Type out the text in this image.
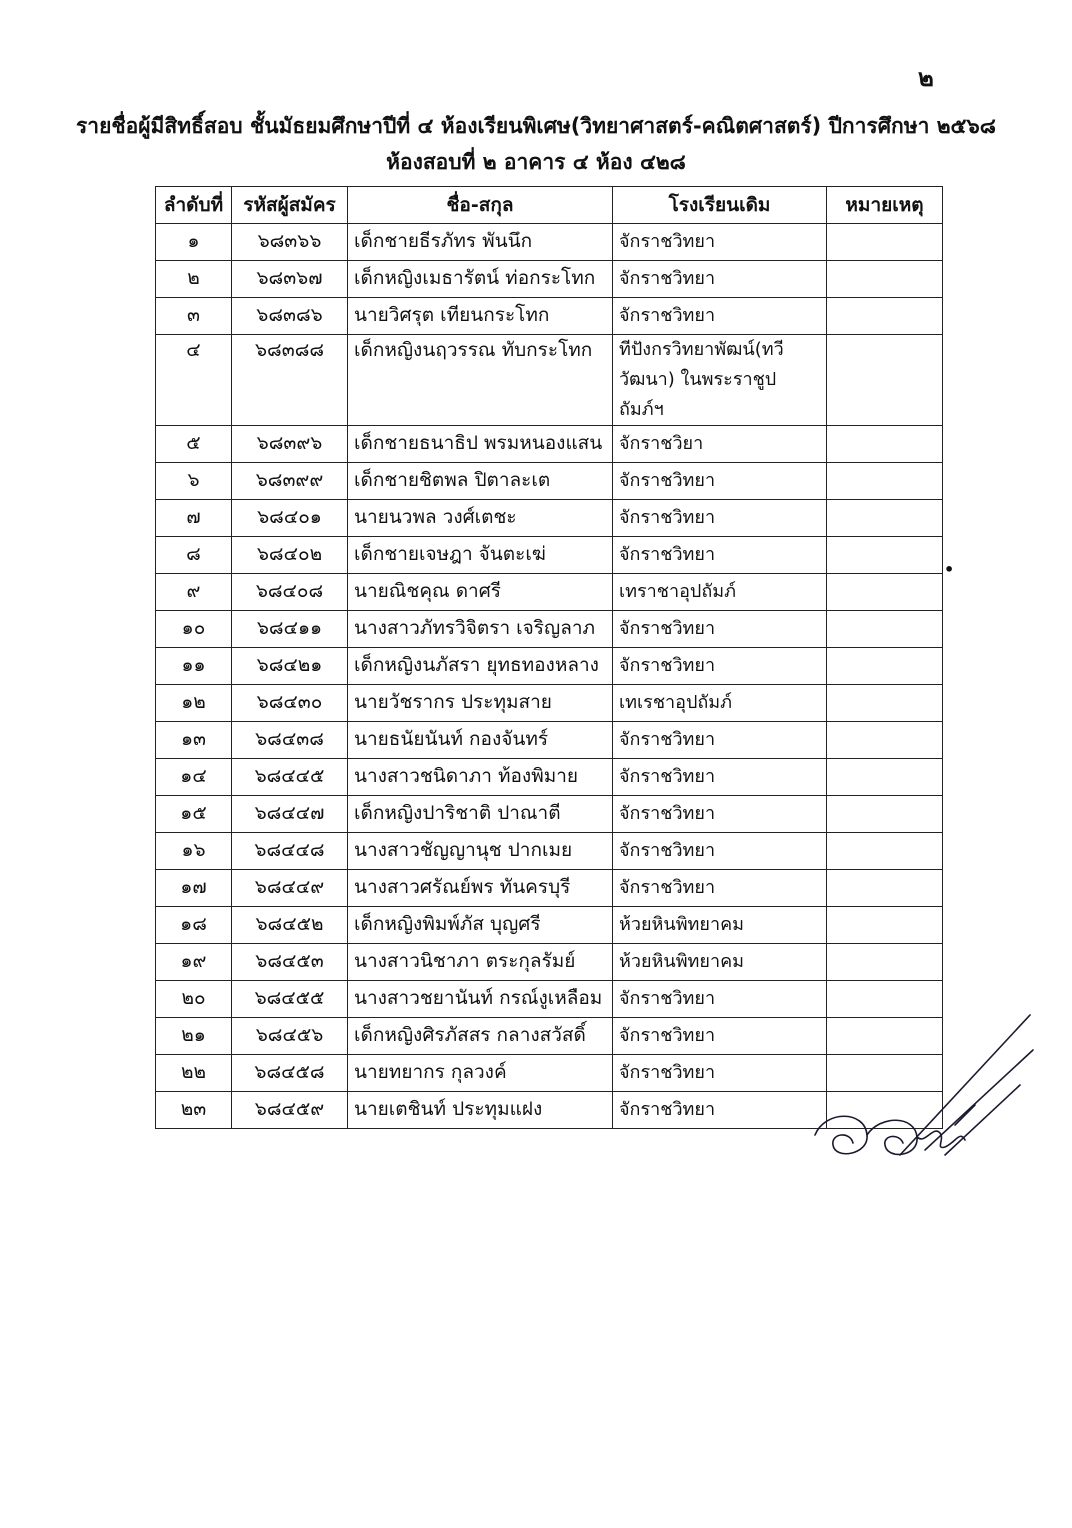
๒
รายชื่อผู้มีสิทธิ์สอบ ชั้นมัธยมศึกษาปีที่ ๔ ห้องเรียนพิเศษ(วิทยาศาสตร์-คณิตศาสตร์) ปีการศึกษา ๒๕๖๘
ห้องสอบที่ ๒ อาคาร ๔ ห้อง ๔๒๘
ลำดับที่	รหัสผู้สมัคร	ชื่อ-สกุล	โรงเรียนเดิม	หมายเหตุ
๑	๖๘๓๖๖	เด็กชายธีรภัทร พันนึก	จักราชวิทยา	
๒	๖๘๓๖๗	เด็กหญิงเมธารัตน์ ท่อกระโทก	จักราชวิทยา	
๓	๖๘๓๘๖	นายวิศรุต เทียนกระโทก	จักราชวิทยา	
๔	๖๘๓๘๘	เด็กหญิงนฤวรรณ ทับกระโทก	ทีปังกรวิทยาพัฒน์(ทวีวัฒนา) ในพระราชูปถัมภ์ฯ	
๕	๖๘๓๙๖	เด็กชายธนาธิป พรมหนองแสน	จักราชวิยา	
๖	๖๘๓๙๙	เด็กชายชิตพล ปิตาละเต	จักราชวิทยา	
๗	๖๘๔๐๑	นายนวพล วงศ์เตชะ	จักราชวิทยา	
๘	๖๘๔๐๒	เด็กชายเจษฎา จันตะเฆ่	จักราชวิทยา	
๙	๖๘๔๐๘	นายณิชคุณ ดาศรี	เทราชาอุปถัมภ์	
๑๐	๖๘๔๑๑	นางสาวภัทรวิจิตรา เจริญลาภ	จักราชวิทยา	
๑๑	๖๘๔๒๑	เด็กหญิงนภัสรา ยุทธทองหลาง	จักราชวิทยา	
๑๒	๖๘๔๓๐	นายวัชรากร ประทุมสาย	เทเรชาอุปถัมภ์	
๑๓	๖๘๔๓๘	นายธนัยนันท์ กองจันทร์	จักราชวิทยา	
๑๔	๖๘๔๔๕	นางสาวชนิดาภา ท้องพิมาย	จักราชวิทยา	
๑๕	๖๘๔๔๗	เด็กหญิงปาริชาติ ปาณาตี	จักราชวิทยา	
๑๖	๖๘๔๔๘	นางสาวชัญญานุช ปากเมย	จักราชวิทยา	
๑๗	๖๘๔๔๙	นางสาวศรัณย์พร ทันครบุรี	จักราชวิทยา	
๑๘	๖๘๔๕๒	เด็กหญิงพิมพ์ภัส บุญศรี	ห้วยหินพิทยาคม	
๑๙	๖๘๔๕๓	นางสาวนิชาภา ตระกุลรัมย์	ห้วยหินพิทยาคม	
๒๐	๖๘๔๕๕	นางสาวชยานันท์ กรณ์งูเหลือม	จักราชวิทยา	
๒๑	๖๘๔๕๖	เด็กหญิงศิรภัสสร กลางสวัสดิ์	จักราชวิทยา	
๒๒	๖๘๔๕๘	นายทยากร กุลวงค์	จักราชวิทยา	
๒๓	๖๘๔๕๙	นายเตชินท์ ประทุมแฝง	จักราชวิทยา	
•
